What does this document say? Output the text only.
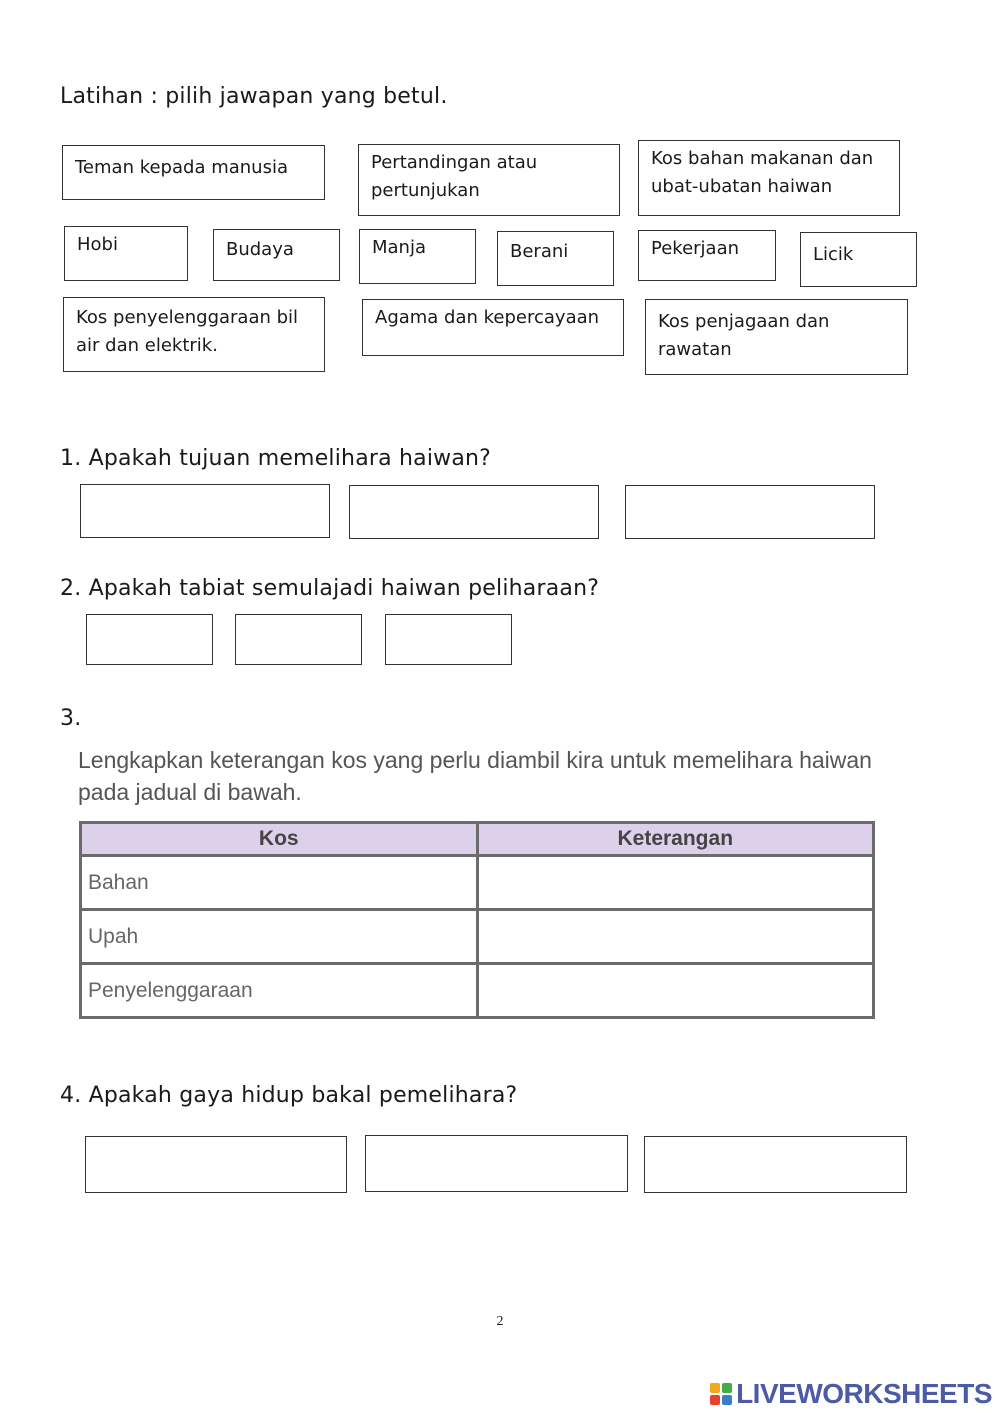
Latihan : pilih jawapan yang betul.
Teman kepada manusia	Pertandingan atau pertunjukan
Kos bahan makanan dan ubat-ubatan haiwan
Hobi	Budaya	Manja	Berani	Pekerjaan	Licik
Kos penyelenggaraan bil air dan elektrik.
Agama dan kepercayaan	Kos penjagaan dan rawatan
1. Apakah tujuan memelihara haiwan?
2. Apakah tabiat semulajadi haiwan peliharaan?
3.
Lengkapkan keterangan kos yang perlu diambil kira untuk memelihara haiwan pada jadual di bawah.
Kos	Keterangan
Bahan	
Upah	
Penyelenggaraan	
4. Apakah gaya hidup bakal pemelihara?
2
LIVEWORKSHEETS
